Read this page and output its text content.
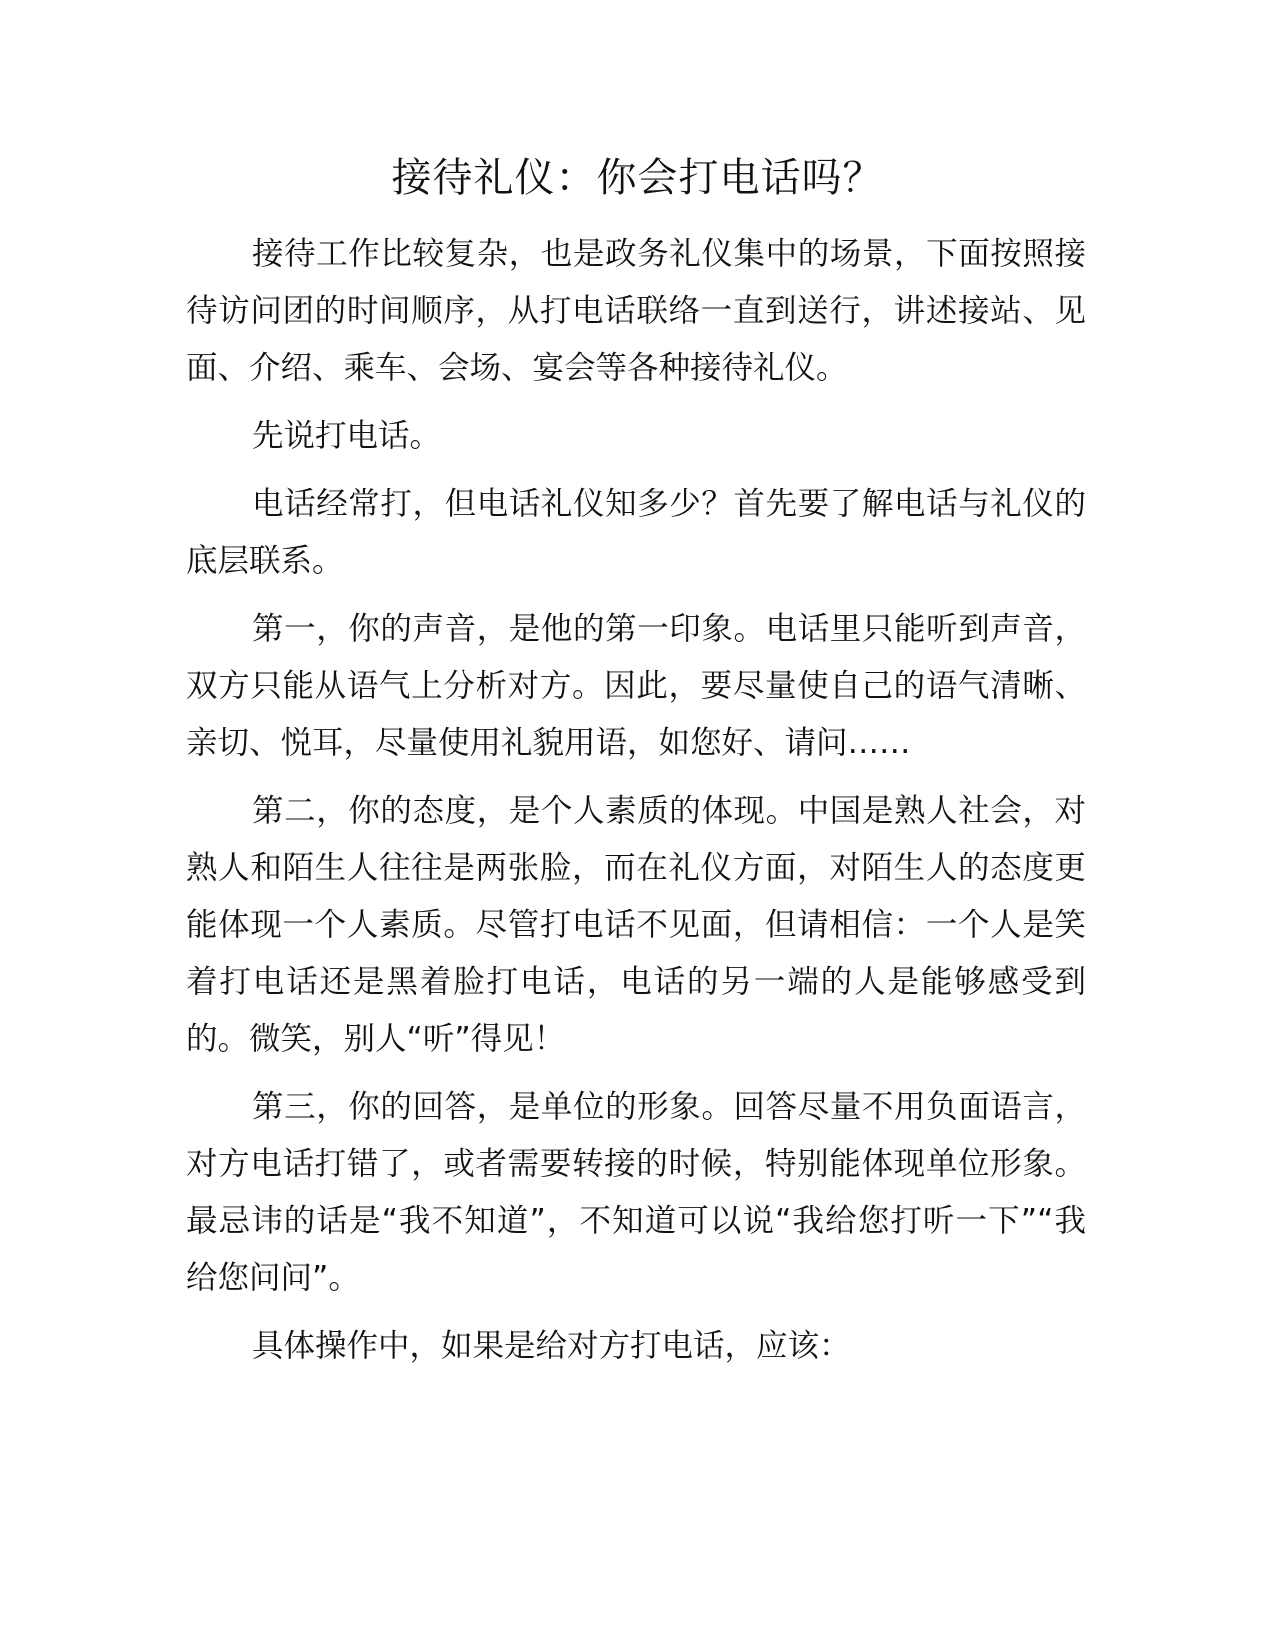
接待礼仪：你会打电话吗？

接待工作比较复杂，也是政务礼仪集中的场景，下面按照接待访问团的时间顺序，从打电话联络一直到送行，讲述接站、见面、介绍、乘车、会场、宴会等各种接待礼仪。

先说打电话。

电话经常打，但电话礼仪知多少？首先要了解电话与礼仪的底层联系。

第一，你的声音，是他的第一印象。电话里只能听到声音，双方只能从语气上分析对方。因此，要尽量使自己的语气清晰、亲切、悦耳，尽量使用礼貌用语，如您好、请问……

第二，你的态度，是个人素质的体现。中国是熟人社会，对熟人和陌生人往往是两张脸，而在礼仪方面，对陌生人的态度更能体现一个人素质。尽管打电话不见面，但请相信：一个人是笑着打电话还是黑着脸打电话，电话的另一端的人是能够感受到的。微笑，别人“听”得见！

第三，你的回答，是单位的形象。回答尽量不用负面语言，对方电话打错了，或者需要转接的时候，特别能体现单位形象。最忌讳的话是“我不知道”，不知道可以说“我给您打听一下”“我给您问问”。

具体操作中，如果是给对方打电话，应该：
